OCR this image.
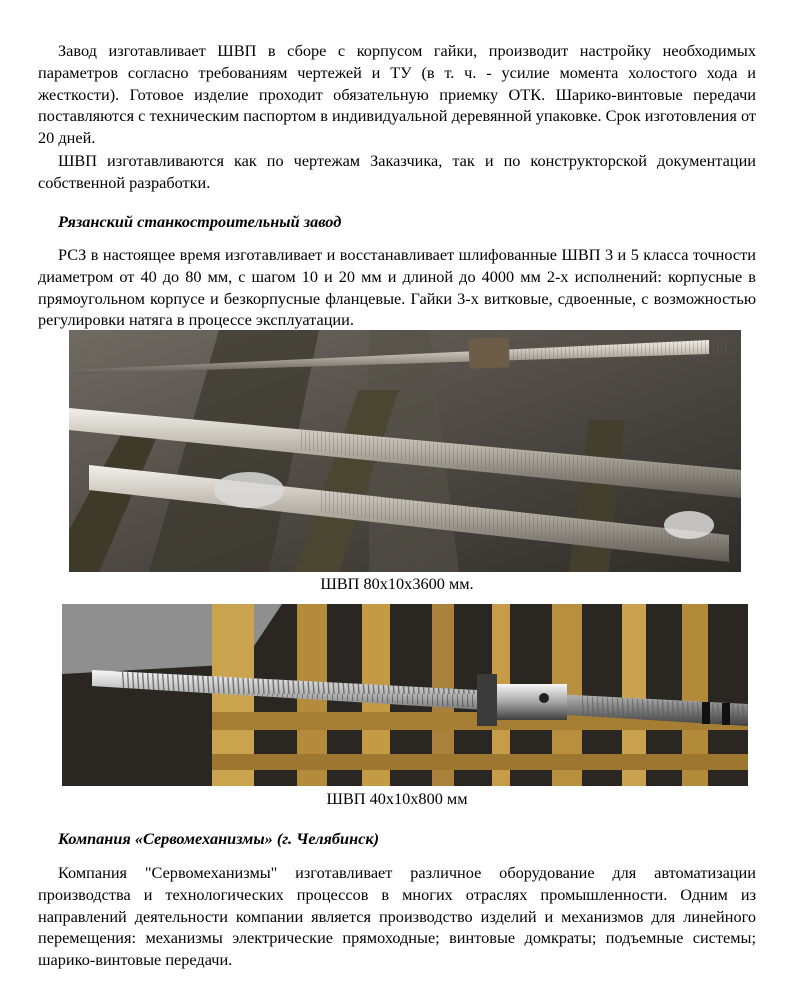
Завод изготавливает ШВП в сборе с корпусом гайки, производит настройку необходимых параметров согласно требованиям чертежей и ТУ (в т. ч. - усилие момента холостого хода и жесткости). Готовое изделие проходит обязательную приемку ОТК. Шарико-винтовые передачи поставляются с техническим паспортом в индивидуальной деревянной упаковке. Срок изготовления от 20 дней.

ШВП изготавливаются как по чертежам Заказчика, так и по конструкторской документации собственной разработки.

Рязанский станкостроительный завод

РСЗ в настоящее время изготавливает и восстанавливает шлифованные ШВП 3 и 5 класса точности диаметром от 40 до 80 мм, с шагом 10 и 20 мм и длиной до 4000 мм 2-х исполнений: корпусные в прямоугольном корпусе и безкорпусные фланцевые. Гайки 3-х витковые, сдвоенные, с возможностью регулировки натяга в процессе эксплуатации.

ШВП 80х10х3600 мм.

ШВП 40х10х800 мм

Компания «Сервомеханизмы» (г. Челябинск)

Компания "Сервомеханизмы" изготавливает различное оборудование для автоматизации производства и технологических процессов в многих отраслях промышленности. Одним из направлений деятельности компании является производство изделий и механизмов для линейного перемещения: механизмы электрические прямоходные; винтовые домкраты; подъемные системы; шарико-винтовые передачи.
